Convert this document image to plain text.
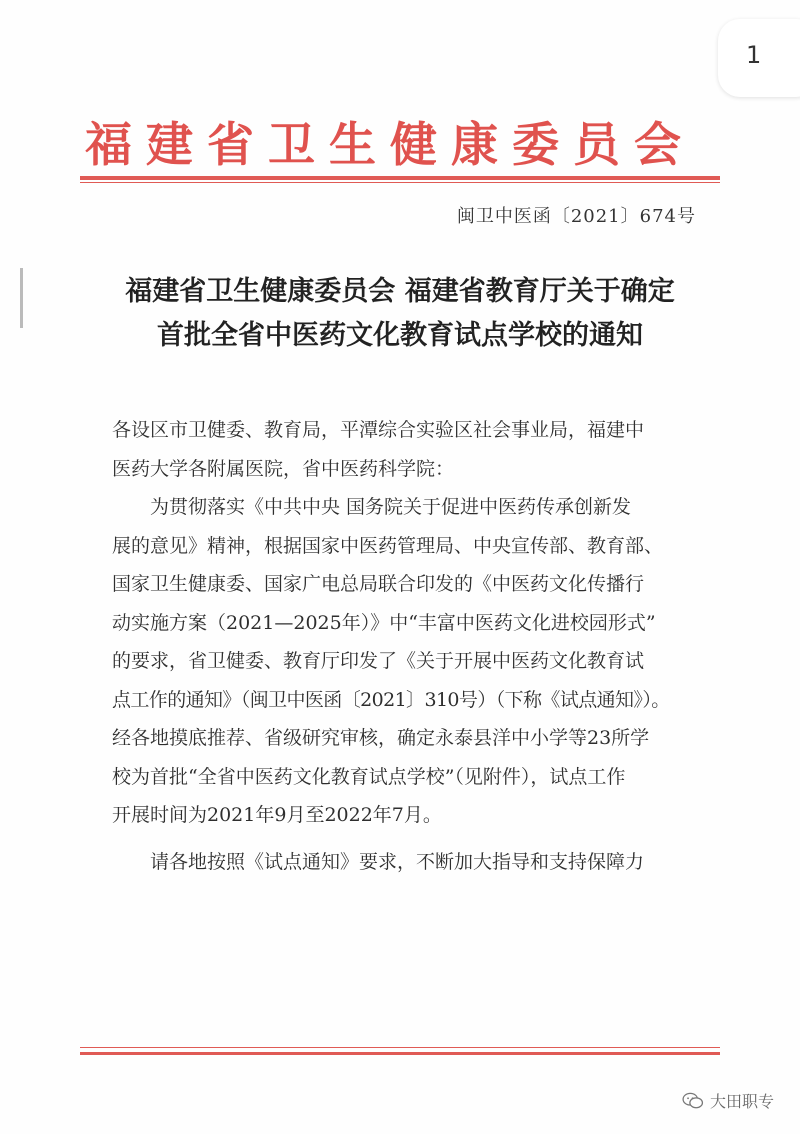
1
福建省卫生健康委员会
闽卫中医函〔2021〕674号
福建省卫生健康委员会 福建省教育厅关于确定
首批全省中医药文化教育试点学校的通知

各设区市卫健委、教育局，平潭综合实验区社会事业局，福建中

医药大学各附属医院，省中医药科学院：

为贯彻落实《中共中央 国务院关于促进中医药传承创新发

展的意见》精神，根据国家中医药管理局、中央宣传部、教育部、

国家卫生健康委、国家广电总局联合印发的《中医药文化传播行

动实施方案（2021—2025年）》中“丰富中医药文化进校园形式”

的要求，省卫健委、教育厅印发了《关于开展中医药文化教育试

点工作的通知》（闽卫中医函〔2021〕310号）（下称《试点通知》）。

经各地摸底推荐、省级研究审核，确定永泰县洋中小学等23所学

校为首批“全省中医药文化教育试点学校”（见附件），试点工作

开展时间为2021年9月至2022年7月。

请各地按照《试点通知》要求，不断加大指导和支持保障力

大田职专
